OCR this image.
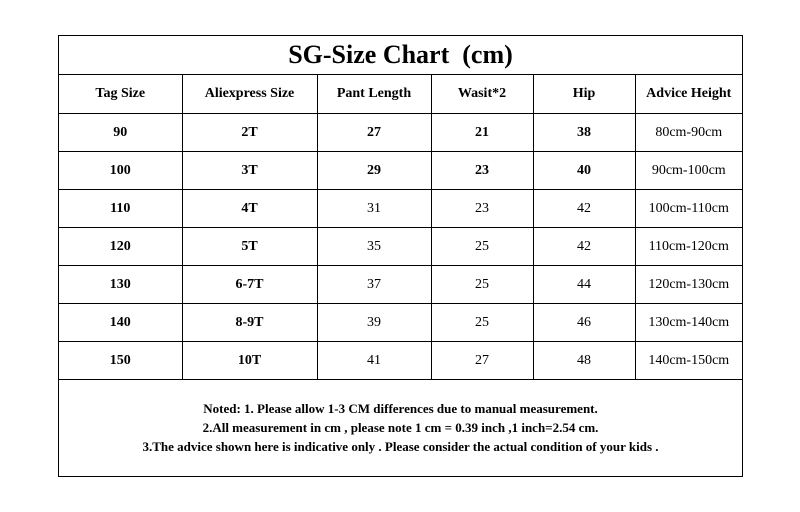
SG-Size Chart  (cm)
Tag Size	Aliexpress Size	Pant Length	Wasit*2	Hip	Advice Height
90	2T	27	21	38	80cm-90cm
100	3T	29	23	40	90cm-100cm
110	4T	31	23	42	100cm-110cm
120	5T	35	25	42	110cm-120cm
130	6-7T	37	25	44	120cm-130cm
140	8-9T	39	25	46	130cm-140cm
150	10T	41	27	48	140cm-150cm
Noted: 1. Please allow 1-3 CM differences due to manual measurement.
2.All measurement in cm , please note 1 cm = 0.39 inch ,1 inch=2.54 cm.
3.The advice shown here is indicative only . Please consider the actual condition of your kids .
